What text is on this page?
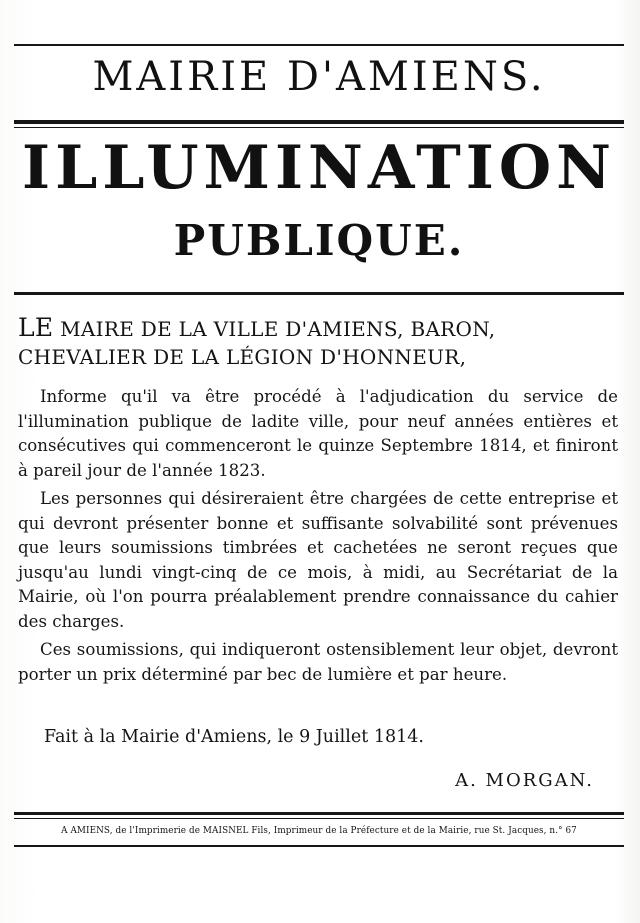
MAIRIE D'AMIENS.
ILLUMINATION
PUBLIQUE.

LE MAIRE DE LA VILLE D'AMIENS, BARON, CHEVALIER DE LA LÉGION D'HONNEUR,

Informe qu'il va être procédé à l'adjudication du service de l'illumination publique de ladite ville, pour neuf années entières et consécutives qui commenceront le quinze Septembre 1814, et finiront à pareil jour de l'année 1823.

Les personnes qui désireraient être chargées de cette entreprise et qui devront présenter bonne et suffisante solvabilité sont prévenues que leurs soumissions timbrées et cachetées ne seront reçues que jusqu'au lundi vingt-cinq de ce mois, à midi, au Secrétariat de la Mairie, où l'on pourra préalablement prendre connaissance du cahier des charges.

Ces soumissions, qui indiqueront ostensiblement leur objet, devront porter un prix déterminé par bec de lumière et par heure.

Fait à la Mairie d'Amiens, le 9 Juillet 1814.

A. MORGAN.

A AMIENS, de l'Imprimerie de MAISNEL Fils, Imprimeur de la Préfecture et de la Mairie, rue St. Jacques, n.° 67
